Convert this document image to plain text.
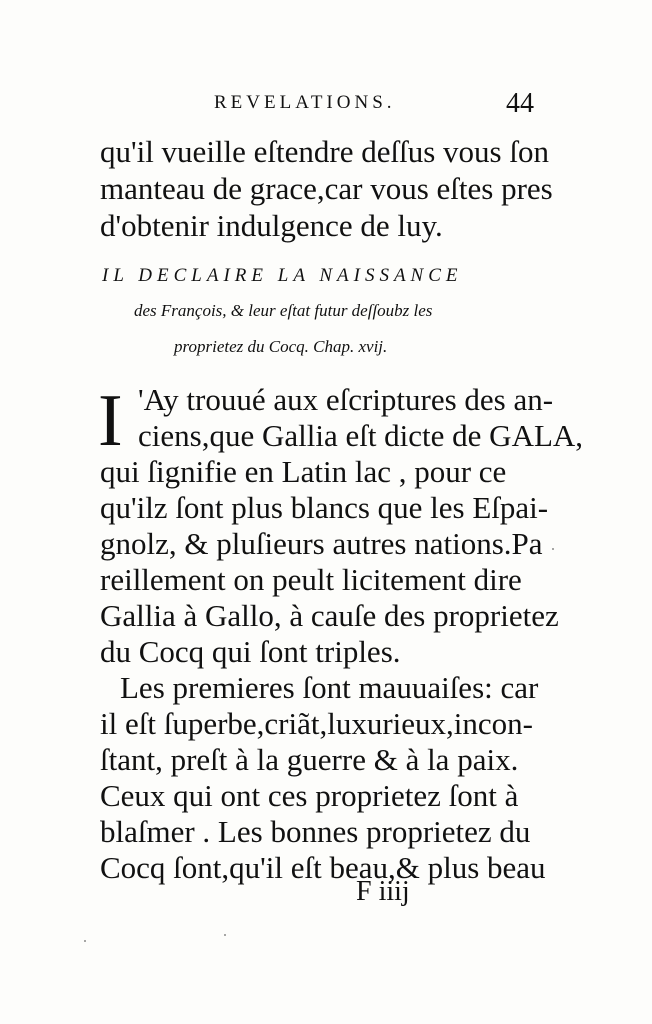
REVELATIONS.	44
qu'il vueille eſtendre deſſus vous ſon
manteau de grace,car vous eſtes pres
d'obtenir indulgence de luy.
IL DECLAIRE LA NAISSANCE
des François, & leur eſtat futur deſſoubz les
proprietez du Cocq. Chap. xvij.
I 'Ay trouué aux eſcriptures des an-
ciens,que Gallia eſt dicte de GALA,
qui ſignifie en Latin lac , pour ce
qu'ilz ſont plus blancs que les Eſpai-
gnolz, & pluſieurs autres nations.Pa
reillement on peult licitement dire
Gallia à Gallo, à cauſe des proprietez
du Cocq qui ſont triples.
Les premieres ſont mauuaiſes: car
il eſt ſuperbe,criãt,luxurieux,incon-
ſtant, preſt à la guerre & à la paix.
Ceux qui ont ces proprietez ſont à
blaſmer . Les bonnes proprietez du
Cocq ſont,qu'il eſt beau,& plus beau
F iiij
